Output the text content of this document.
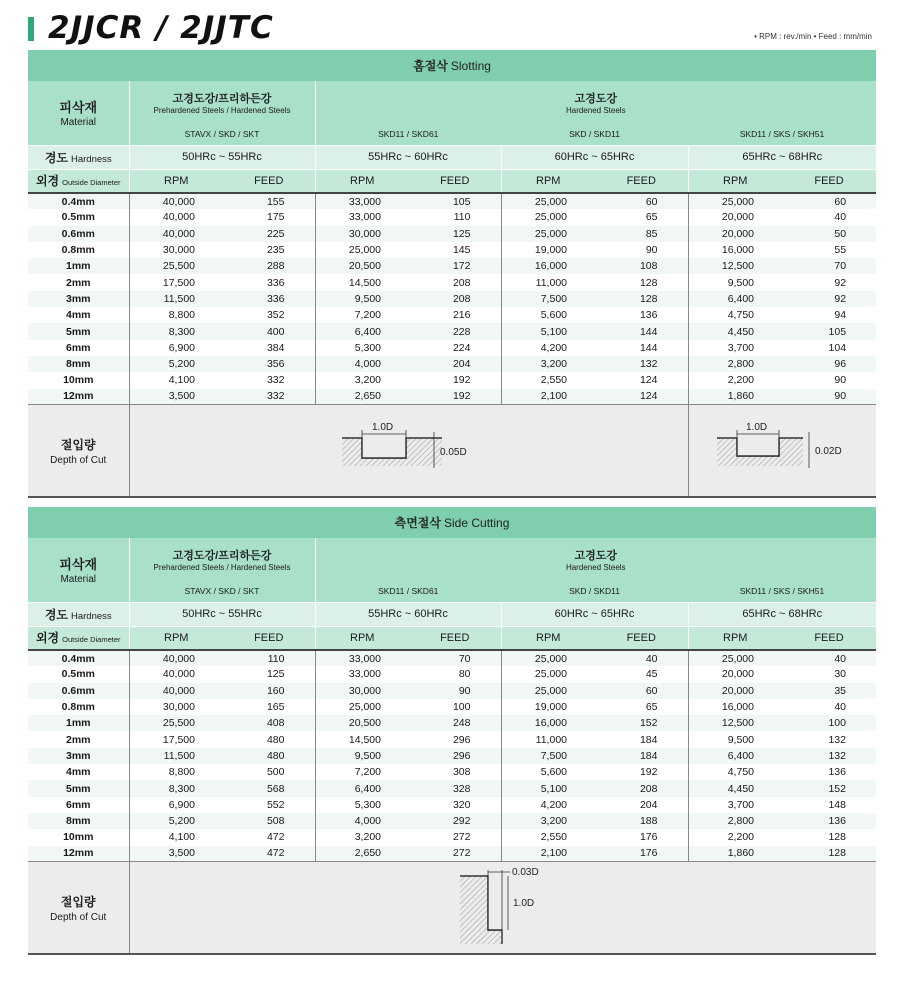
2JJCR / 2JJTC	• RPM : rev./min • Feed : mm/min
홈절삭 Slotting								

피삭재
Material	고경도강/프리하든강
Prehardened Steels / Hardened Steels		고경도강
Hardened Steels					

	STAVX / SKD / SKT		SKD11 / SKD61		SKD / SKD11		SKD11 / SKS / SKH51	
경도 Hardness	50HRc ~ 55HRc		55HRc ~ 60HRc		60HRc ~ 65HRc		65HRc ~ 68HRc	
외경 Outside Diameter	RPM	FEED	RPM	FEED	RPM	FEED	RPM	FEED
0.4mm	40,000	155	33,000	105	25,000	60	25,000	60
0.5mm	40,000	175	33,000	110	25,000	65	20,000	40
0.6mm	40,000	225	30,000	125	25,000	85	20,000	50
0.8mm	30,000	235	25,000	145	19,000	90	16,000	55
1mm	25,500	288	20,500	172	16,000	108	12,500	70
2mm	17,500	336	14,500	208	11,000	128	9,500	92
3mm	11,500	336	9,500	208	7,500	128	6,400	92
4mm	8,800	352	7,200	216	5,600	136	4,750	94
5mm	8,300	400	6,400	228	5,100	144	4,450	105
6mm	6,900	384	5,300	224	4,200	144	3,700	104
8mm	5,200	356	4,000	204	3,200	132	2,800	96
10mm	4,100	332	3,200	192	2,550	124	2,200	90
12mm	3,500	332	2,650	192	2,100	124	1,860	90

절입량
Depth of Cut	1.0D
0.05D						1.0D
0.02D	
측면절삭 Side Cutting								

피삭재
Material	고경도강/프리하든강
Prehardened Steels / Hardened Steels		고경도강
Hardened Steels					

	STAVX / SKD / SKT		SKD11 / SKD61		SKD / SKD11		SKD11 / SKS / SKH51	
경도 Hardness	50HRc ~ 55HRc		55HRc ~ 60HRc		60HRc ~ 65HRc		65HRc ~ 68HRc	
외경 Outside Diameter	RPM	FEED	RPM	FEED	RPM	FEED	RPM	FEED
0.4mm	40,000	110	33,000	70	25,000	40	25,000	40
0.5mm	40,000	125	33,000	80	25,000	45	20,000	30
0.6mm	40,000	160	30,000	90	25,000	60	20,000	35
0.8mm	30,000	165	25,000	100	19,000	65	16,000	40
1mm	25,500	408	20,500	248	16,000	152	12,500	100
2mm	17,500	480	14,500	296	11,000	184	9,500	132
3mm	11,500	480	9,500	296	7,500	184	6,400	132
4mm	8,800	500	7,200	308	5,600	192	4,750	136
5mm	8,300	568	6,400	328	5,100	208	4,450	152
6mm	6,900	552	5,300	320	4,200	204	3,700	148
8mm	5,200	508	4,000	292	3,200	188	2,800	136
10mm	4,100	472	3,200	272	2,550	176	2,200	128
12mm	3,500	472	2,650	272	2,100	176	1,860	128

절입량
Depth of Cut	0.03D
1.0D							
